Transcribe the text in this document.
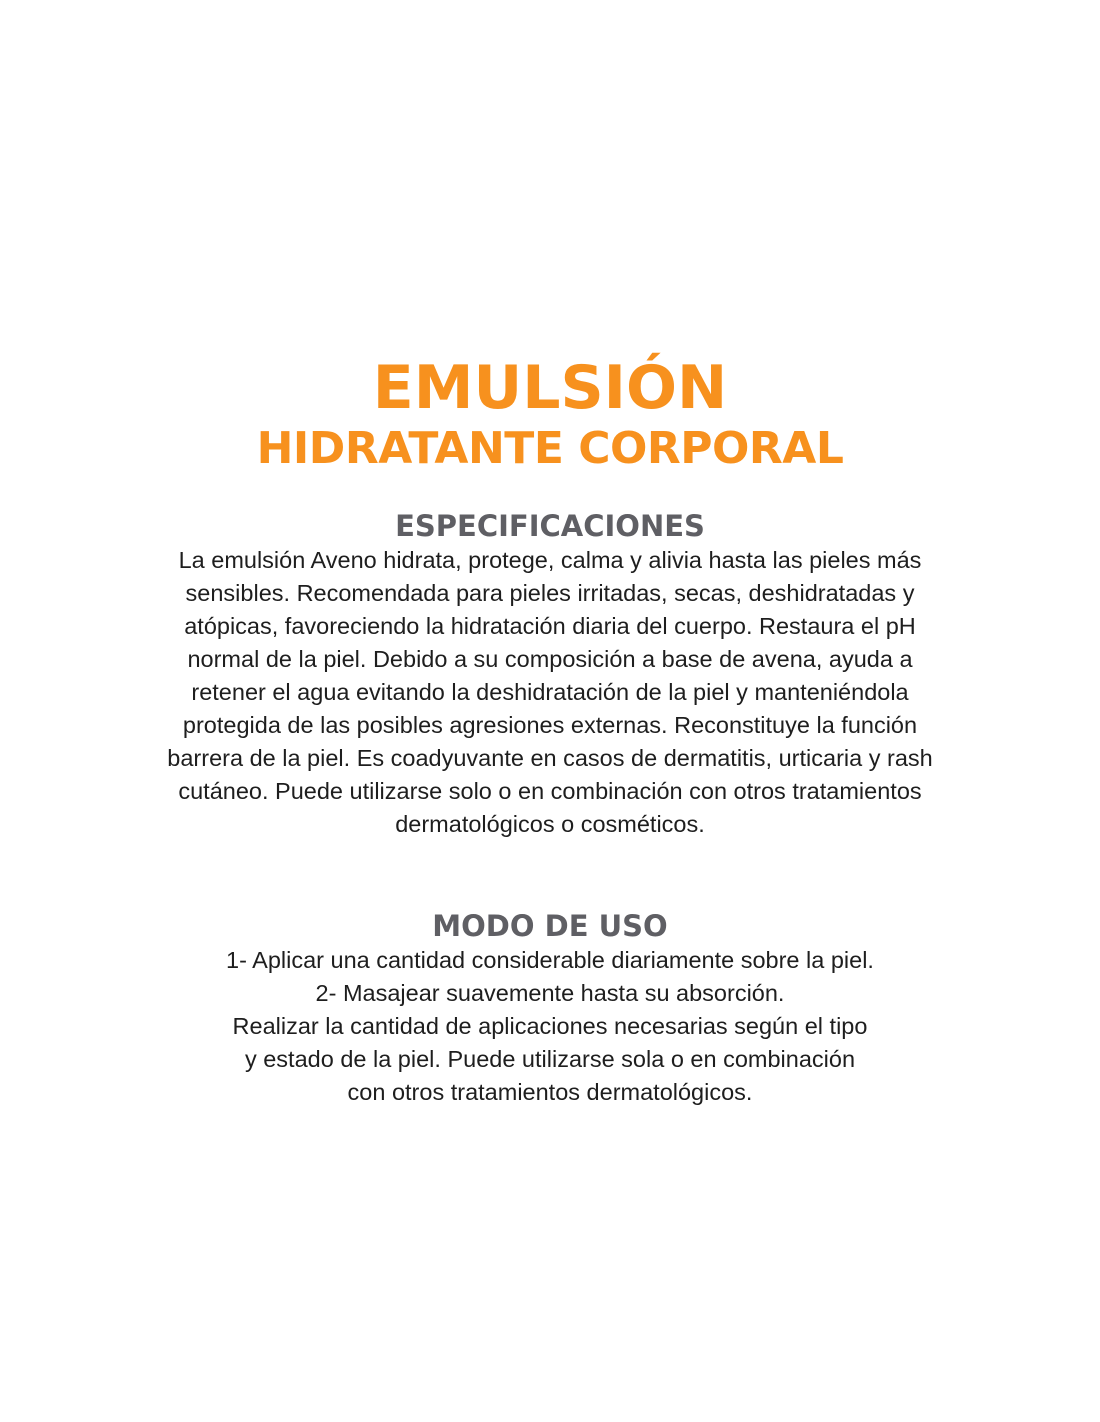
EMULSIÓN
HIDRATANTE CORPORAL
ESPECIFICACIONES

La emulsión Aveno hidrata, protege, calma y alivia hasta las pieles más
sensibles. Recomendada para pieles irritadas, secas, deshidratadas y
atópicas, favoreciendo la hidratación diaria del cuerpo. Restaura el pH
normal de la piel. Debido a su composición a base de avena, ayuda a
retener el agua evitando la deshidratación de la piel y manteniéndola
protegida de las posibles agresiones externas. Reconstituye la función
barrera de la piel. Es coadyuvante en casos de dermatitis, urticaria y rash
cutáneo. Puede utilizarse solo o en combinación con otros tratamientos
dermatológicos o cosméticos.

MODO DE USO

1- Aplicar una cantidad considerable diariamente sobre la piel.
2- Masajear suavemente hasta su absorción.
Realizar la cantidad de aplicaciones necesarias según el tipo
y estado de la piel. Puede utilizarse sola o en combinación
con otros tratamientos dermatológicos.
